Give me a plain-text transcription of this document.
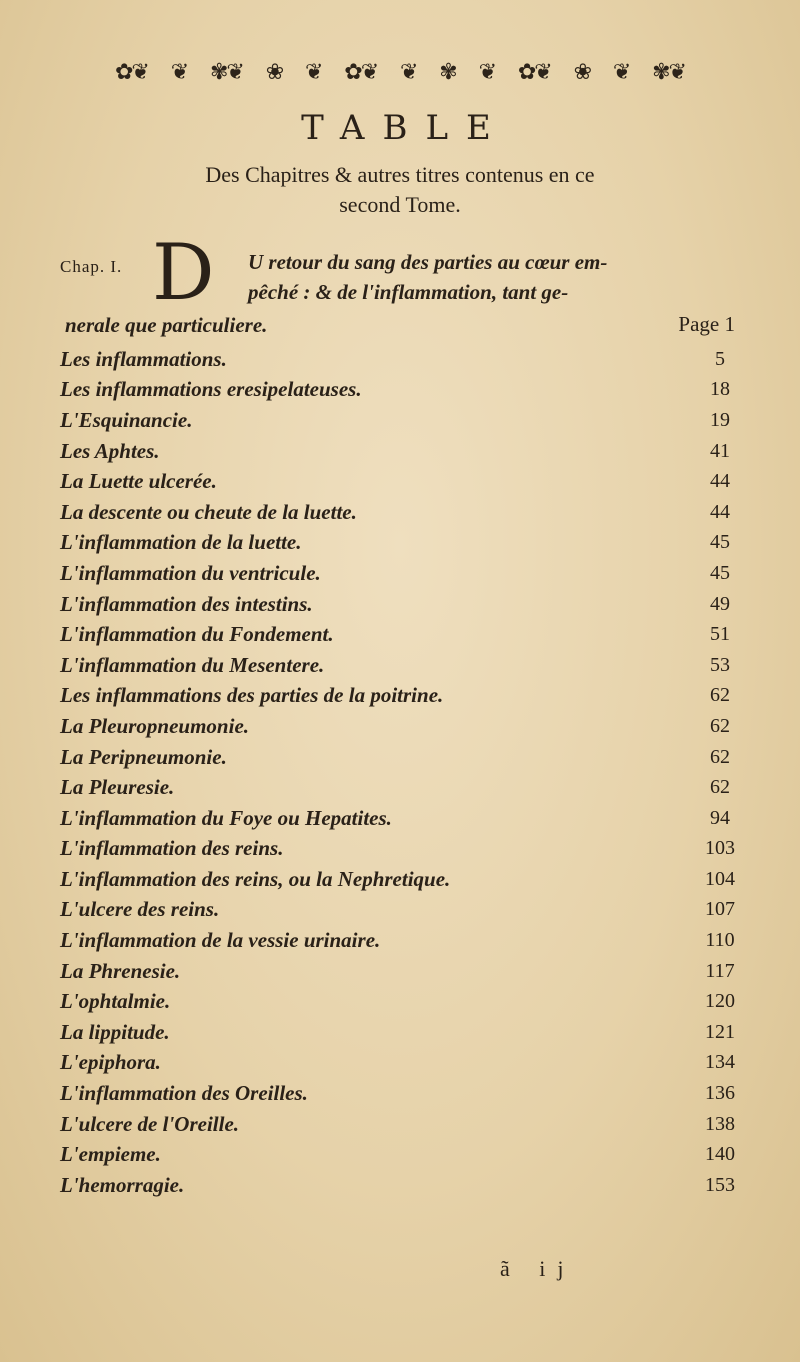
✿❦ ❦ ✾❦ ❀ ❦ ✿❦ ❦ ✾ ❦ ✿❦ ❀ ❦ ✾❦
TABLE
Des Chapitres & autres titres contenus en ce
second Tome.
Chap. I. D U retour du sang des parties au cœur em-
pêché : & de l'inflammation, tant ge-
nerale que particuliere.	Page 1
Les inflammations.	5
Les inflammations eresipelateuses.	18
L'Esquinancie.	19
Les Aphtes.	41
La Luette ulcerée.	44
La descente ou cheute de la luette.	44
L'inflammation de la luette.	45
L'inflammation du ventricule.	45
L'inflammation des intestins.	49
L'inflammation du Fondement.	51
L'inflammation du Mesentere.	53
Les inflammations des parties de la poitrine.	62
La Pleuropneumonie.	62
La Peripneumonie.	62
La Pleuresie.	62
L'inflammation du Foye ou Hepatites.	94
L'inflammation des reins.	103
L'inflammation des reins, ou la Nephretique.	104
L'ulcere des reins.	107
L'inflammation de la vessie urinaire.	110
La Phrenesie.	117
L'ophtalmie.	120
La lippitude.	121
L'epiphora.	134
L'inflammation des Oreilles.	136
L'ulcere de l'Oreille.	138
L'empieme.	140
L'hemorragie.	153
ã ij
